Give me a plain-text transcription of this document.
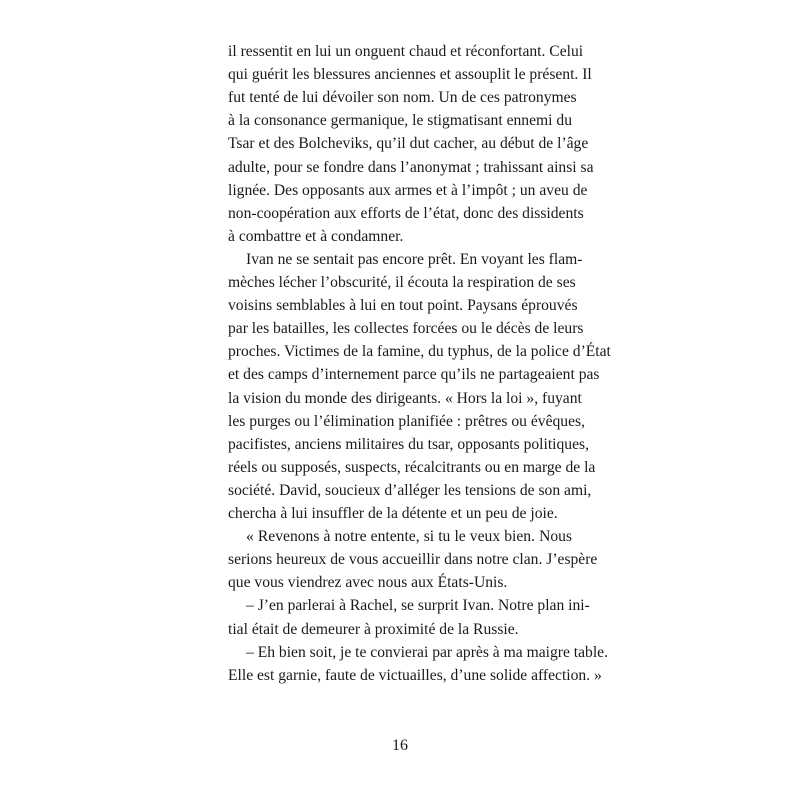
il ressentit en lui un onguent chaud et réconfortant. Celui
qui guérit les blessures anciennes et assouplit le présent. Il
fut tenté de lui dévoiler son nom. Un de ces patronymes
à la consonance germanique, le stigmatisant ennemi du
Tsar et des Bolcheviks, qu’il dut cacher, au début de l’âge
adulte, pour se fondre dans l’anonymat ; trahissant ainsi sa
lignée. Des opposants aux armes et à l’impôt ; un aveu de
non-coopération aux efforts de l’état, donc des dissidents
à combattre et à condamner.
Ivan ne se sentait pas encore prêt. En voyant les flam-
mèches lécher l’obscurité, il écouta la respiration de ses
voisins semblables à lui en tout point. Paysans éprouvés
par les batailles, les collectes forcées ou le décès de leurs
proches. Victimes de la famine, du typhus, de la police d’État
et des camps d’internement parce qu’ils ne partageaient pas
la vision du monde des dirigeants. « Hors la loi », fuyant
les purges ou l’élimination planifiée : prêtres ou évêques,
pacifistes, anciens militaires du tsar, opposants politiques,
réels ou supposés, suspects, récalcitrants ou en marge de la
société. David, soucieux d’alléger les tensions de son ami,
chercha à lui insuffler de la détente et un peu de joie.
« Revenons à notre entente, si tu le veux bien. Nous
serions heureux de vous accueillir dans notre clan. J’espère
que vous viendrez avec nous aux États-Unis.
– J’en parlerai à Rachel, se surprit Ivan. Notre plan ini-
tial était de demeurer à proximité de la Russie.
– Eh bien soit, je te convierai par après à ma maigre table.
Elle est garnie, faute de victuailles, d’une solide affection. »
16
